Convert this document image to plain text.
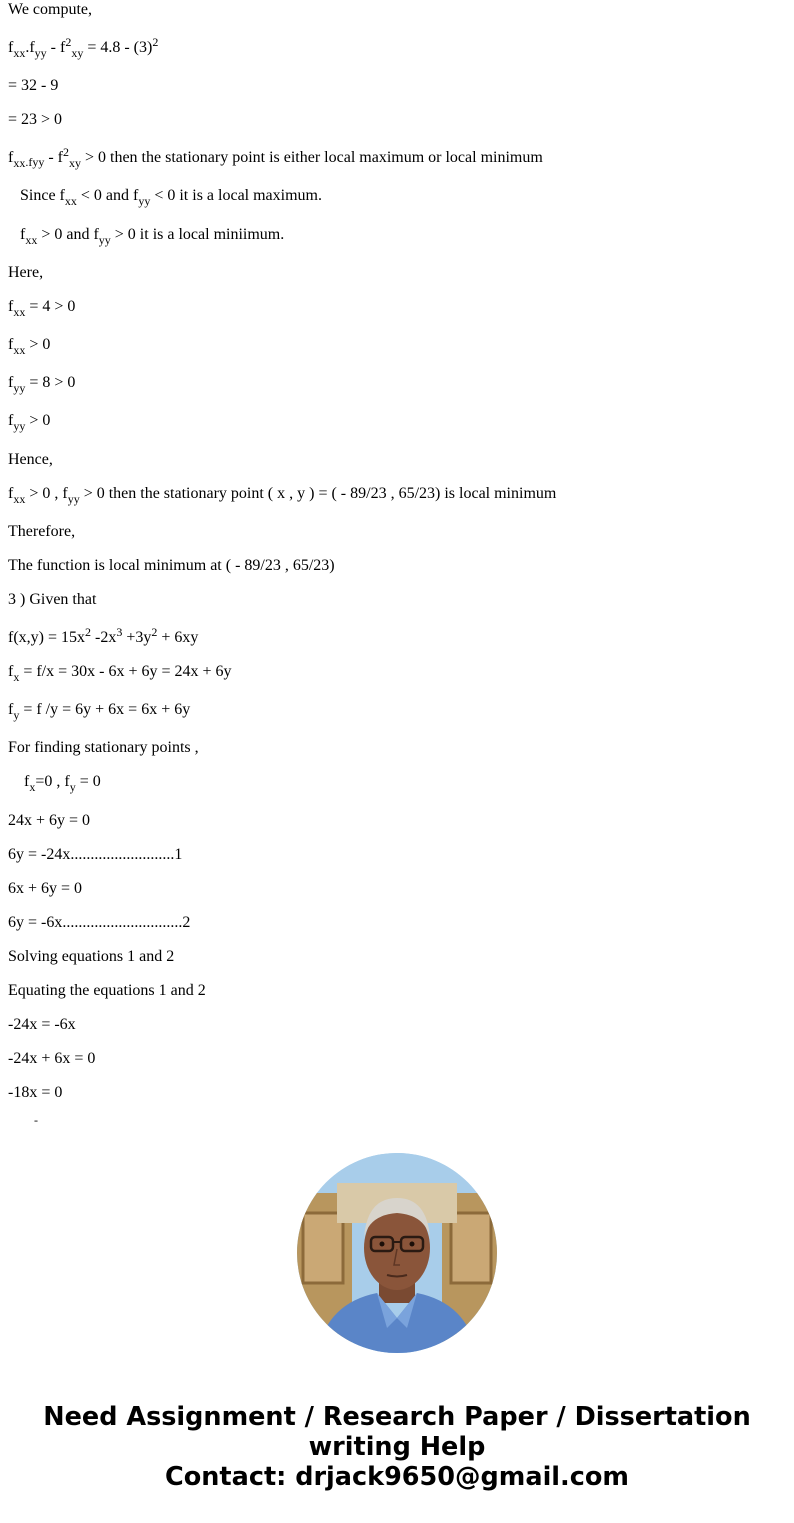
We compute,
$f_{xx}.f_{yy} - f^2_{xy} = 4.8 - (3)^2$
= 32 - 9
= 23 > 0
$f_{xx.fyy} - f^2_{xy} > 0$ then the stationary point is either local maximum or local minimum
Since $f_{xx} < 0$ and $f_{yy} < 0$ it is a local maximum.
$f_{xx} > 0$ and $f_{yy} > 0$ it is a local miniimum.
Here,
$f_{xx} = 4 > 0$
$f_{xx} > 0$
$f_{yy} = 8 > 0$
$f_{yy} > 0$
Hence,
$f_{xx} > 0$ , $f_{yy} > 0$ then the stationary point ( x , y ) = ( - 89/23 , 65/23) is local minimum
Therefore,
The function is local minimum at ( - 89/23 , 65/23)
3 ) Given that
$f(x,y) = 15x^2$ $-2x^3 +3y^2 + 6xy$
$f_x = f/x = 30x - 6x + 6y = 24x + 6y$
$f_y = f$ /y = 6y + 6x = 6x + 6y
For finding stationary points ,
$f_x=0$ , $f_y = 0$
24x + 6y = 0
6y = -24x..........................1
6x + 6y = 0
6y = -6x..............................2
Solving equations 1 and 2
Equating the equations 1 and 2
-24x = -6x
-24x + 6x = 0
-18x = 0
-
Need Assignment / Research Paper / Dissertation
writing Help
Contact: drjack9650@gmail.com
